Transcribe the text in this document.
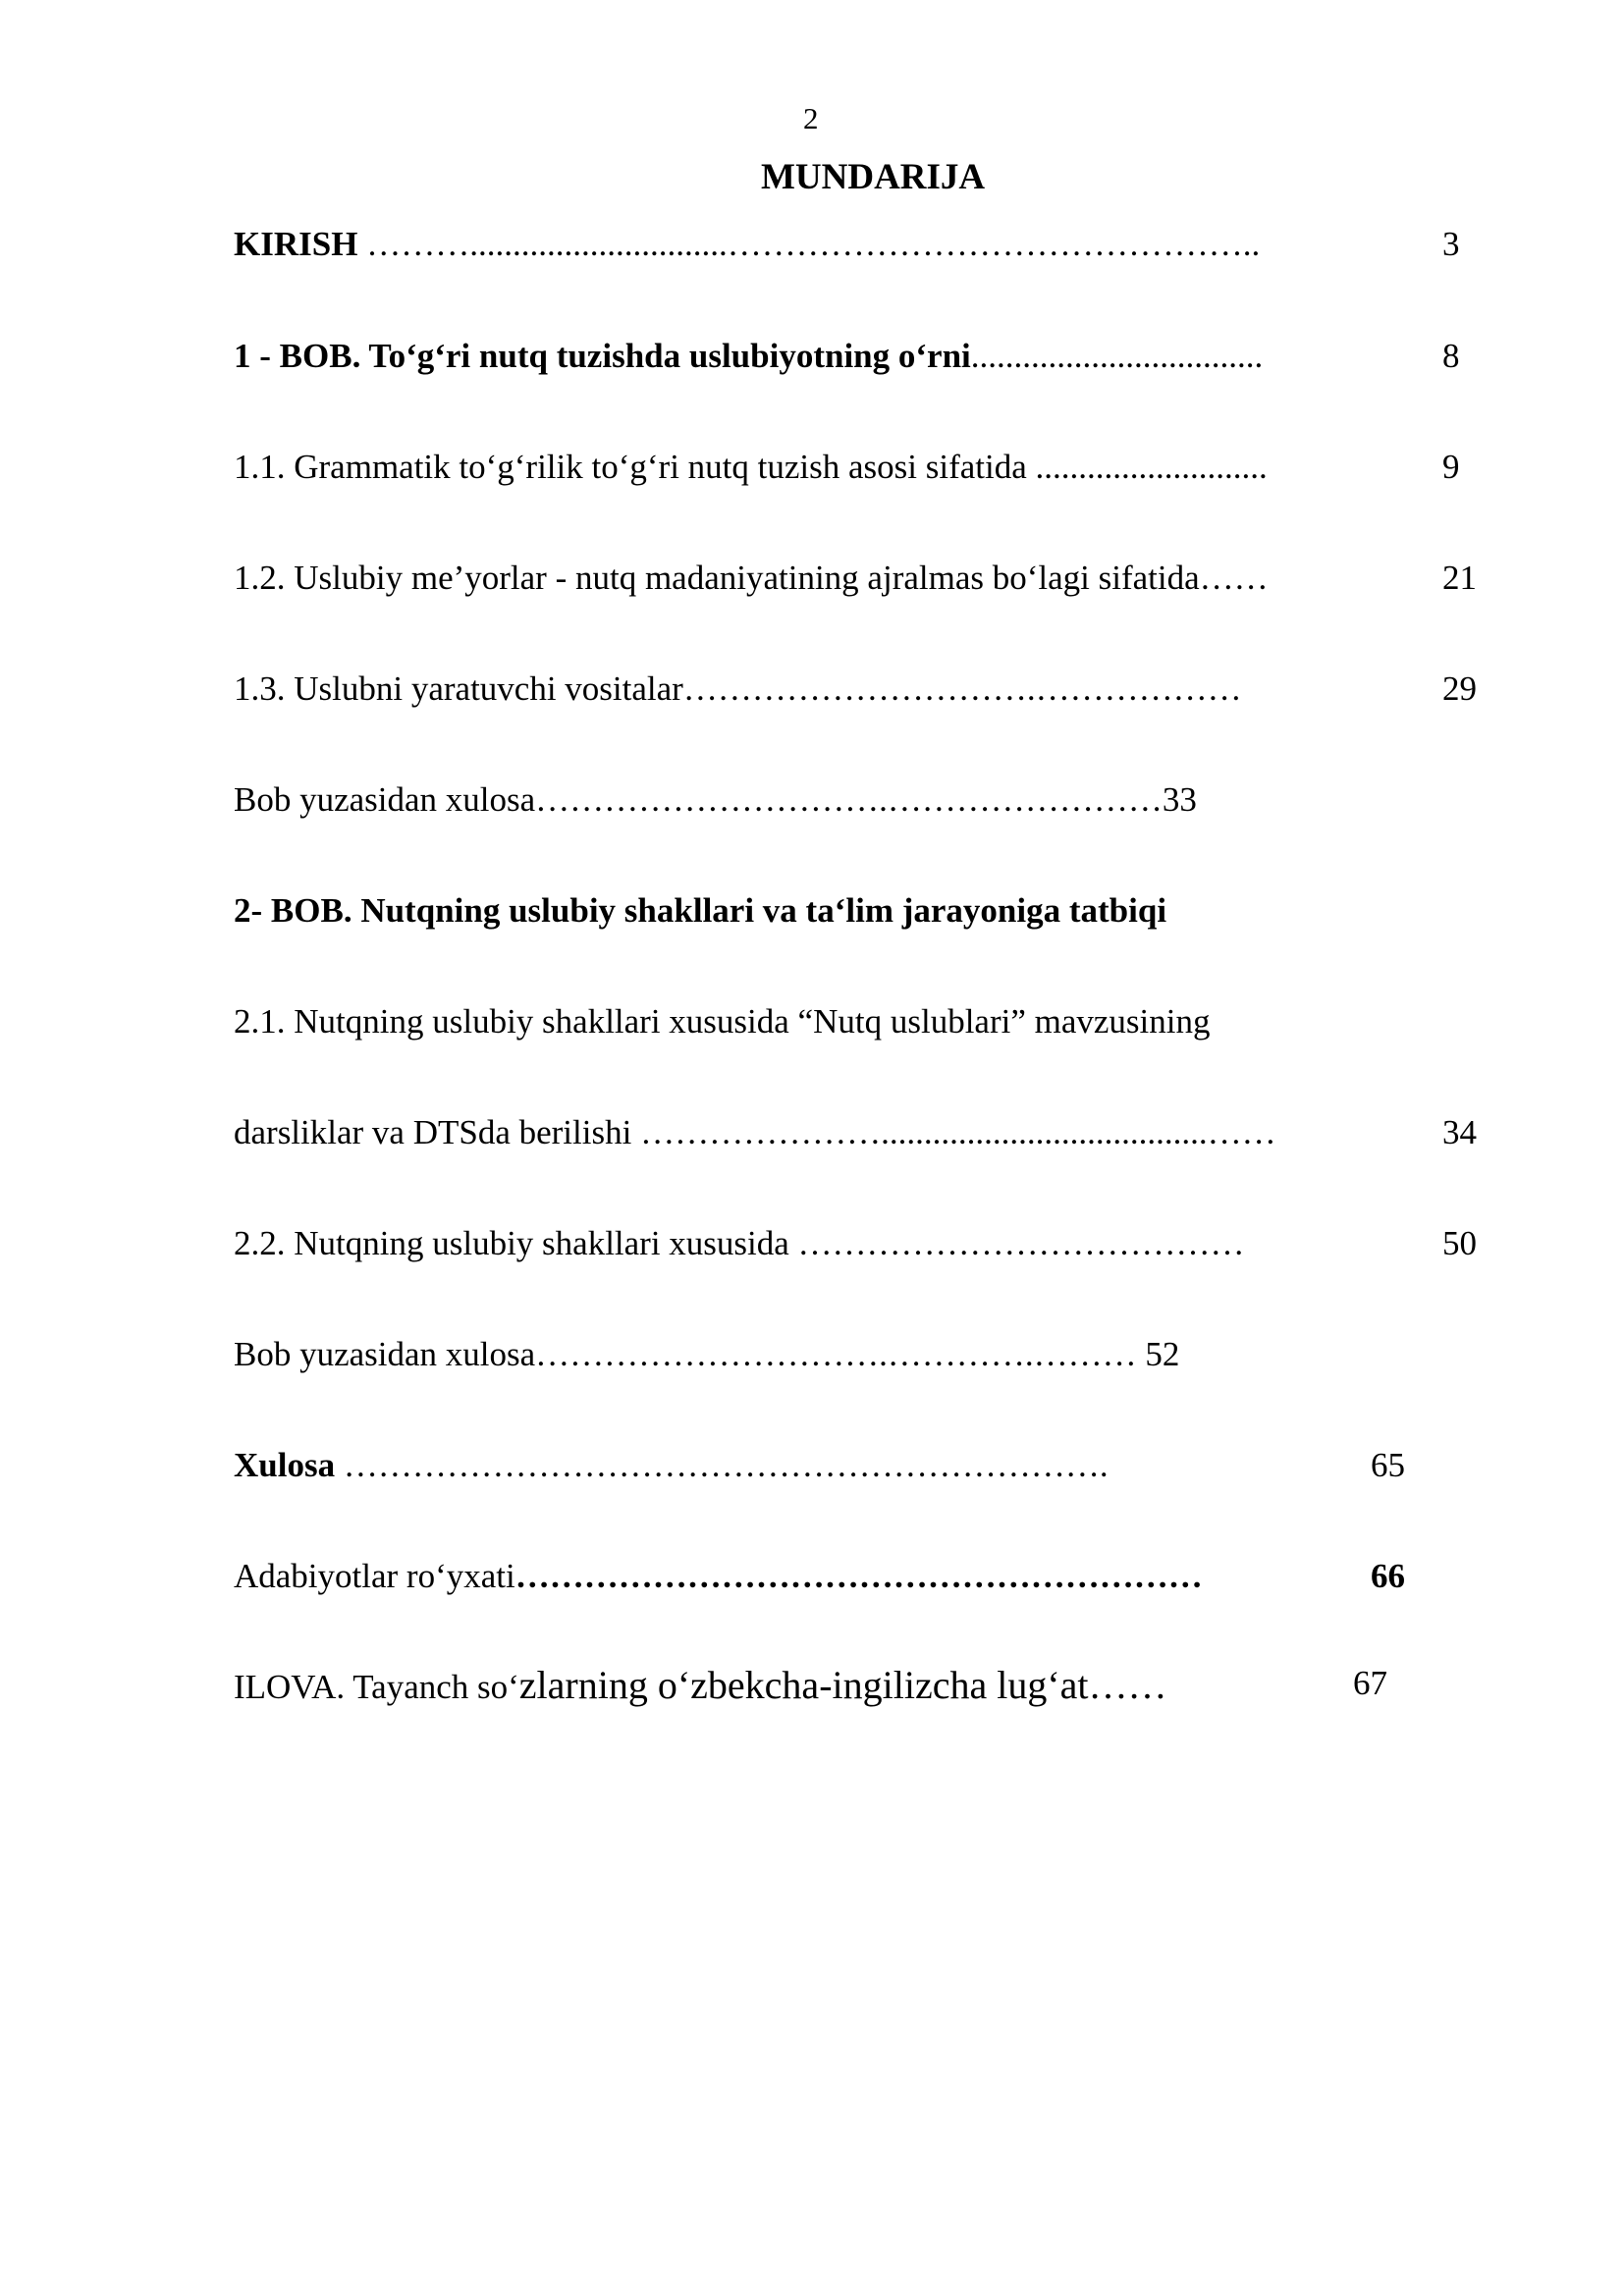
2
MUNDARIJA
KIRISH ………..............................………………………………………..	3
1 - BOB. To‘g‘ri nutq tuzishda uslubiyotning o‘rni..................................	8
1.1. Grammatik to‘g‘rilik to‘g‘ri nutq tuzish asosi sifatida ...........................	9
1.2. Uslubiy me’yorlar - nutq madaniyatining ajralmas bo‘lagi sifatida……	21
1.3. Uslubni yaratuvchi vositalar………………………….………………	29
Bob yuzasidan xulosa………………………….……………………33
2- BOB. Nutqning uslubiy shakllari va ta‘lim jarayoniga tatbiqi
2.1. Nutqning uslubiy shakllari xususida “Nutq uslublari” mavzusining
darsliklar va DTSda berilishi …………………......................................……	34
2.2. Nutqning uslubiy shakllari xususida …………………………………	50
Bob yuzasidan xulosa………………………….………….……… 52
Xulosa ………………………………………………………….	65
Adabiyotlar ro‘yxati……………………………………………………	66
ILOVA. Tayanch so‘zlarning o‘zbekcha-ingilizcha lug‘at……	67
